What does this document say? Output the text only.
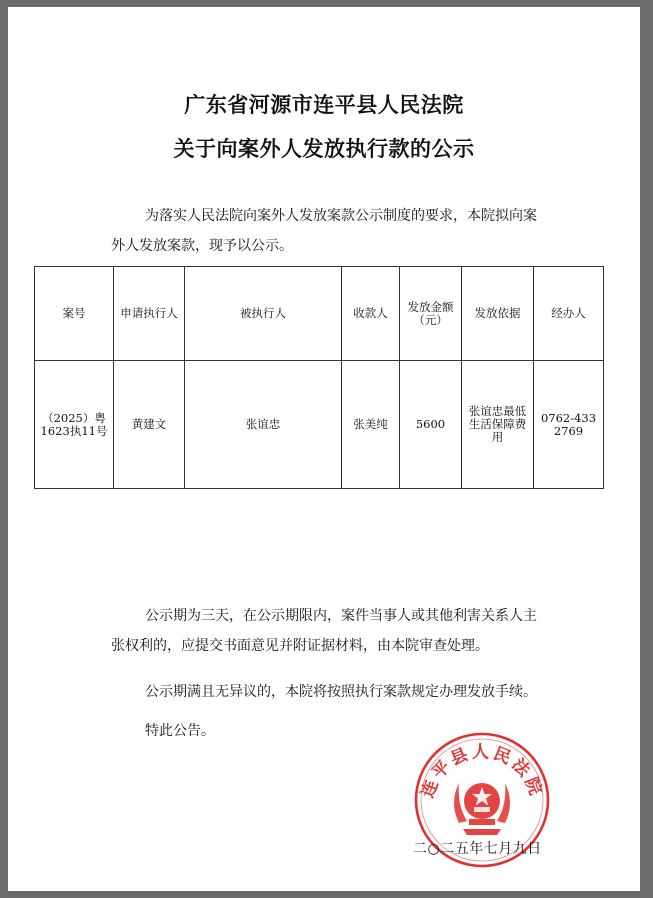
广东省河源市连平县人民法院
关于向案外人发放执行款的公示

为落实人民法院向案外人发放案款公示制度的要求，本院拟向案
外人发放案款，现予以公示。

案号	申请执行人	被执行人	收款人	发放金额（元）	发放依据	经办人
（2025）粤1623执11号	黄建文	张谊忠	张美纯	5600	张谊忠最低生活保障费用	0762-4332769

公示期为三天，在公示期限内，案件当事人或其他利害关系人主
张权利的，应提交书面意见并附证据材料，由本院审查处理。

公示期满且无异议的，本院将按照执行案款规定办理发放手续。

特此公告。

连平县人民法院
二○二五年七月九日
